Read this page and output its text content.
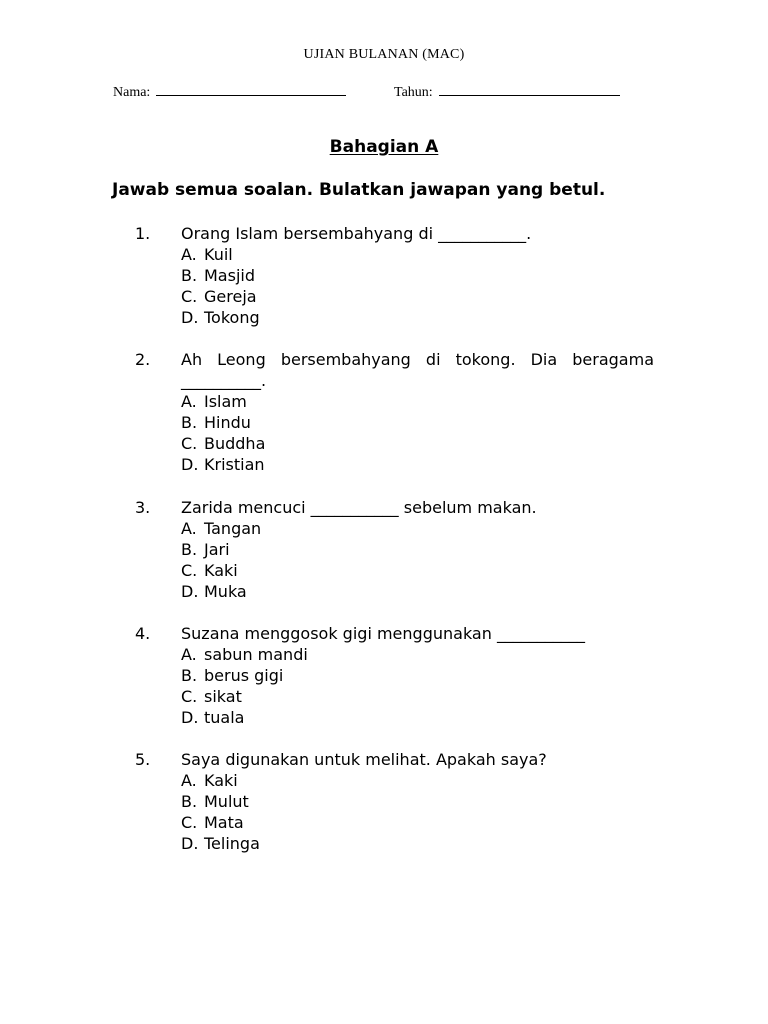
UJIAN BULANAN (MAC)
Nama:	Tahun:
Bahagian A
Jawab semua soalan. Bulatkan jawapan yang betul.
1. Orang Islam bersembahyang di ___________.
A. Kuil
B. Masjid
C. Gereja
D. Tokong
2. Ah Leong bersembahyang di tokong. Dia beragama __________.
A. Islam
B. Hindu
C. Buddha
D. Kristian
3. Zarida mencuci ___________ sebelum makan.
A. Tangan
B. Jari
C. Kaki
D. Muka
4. Suzana menggosok gigi menggunakan ___________
A. sabun mandi
B. berus gigi
C. sikat
D. tuala
5. Saya digunakan untuk melihat. Apakah saya?
A. Kaki
B. Mulut
C. Mata
D. Telinga
